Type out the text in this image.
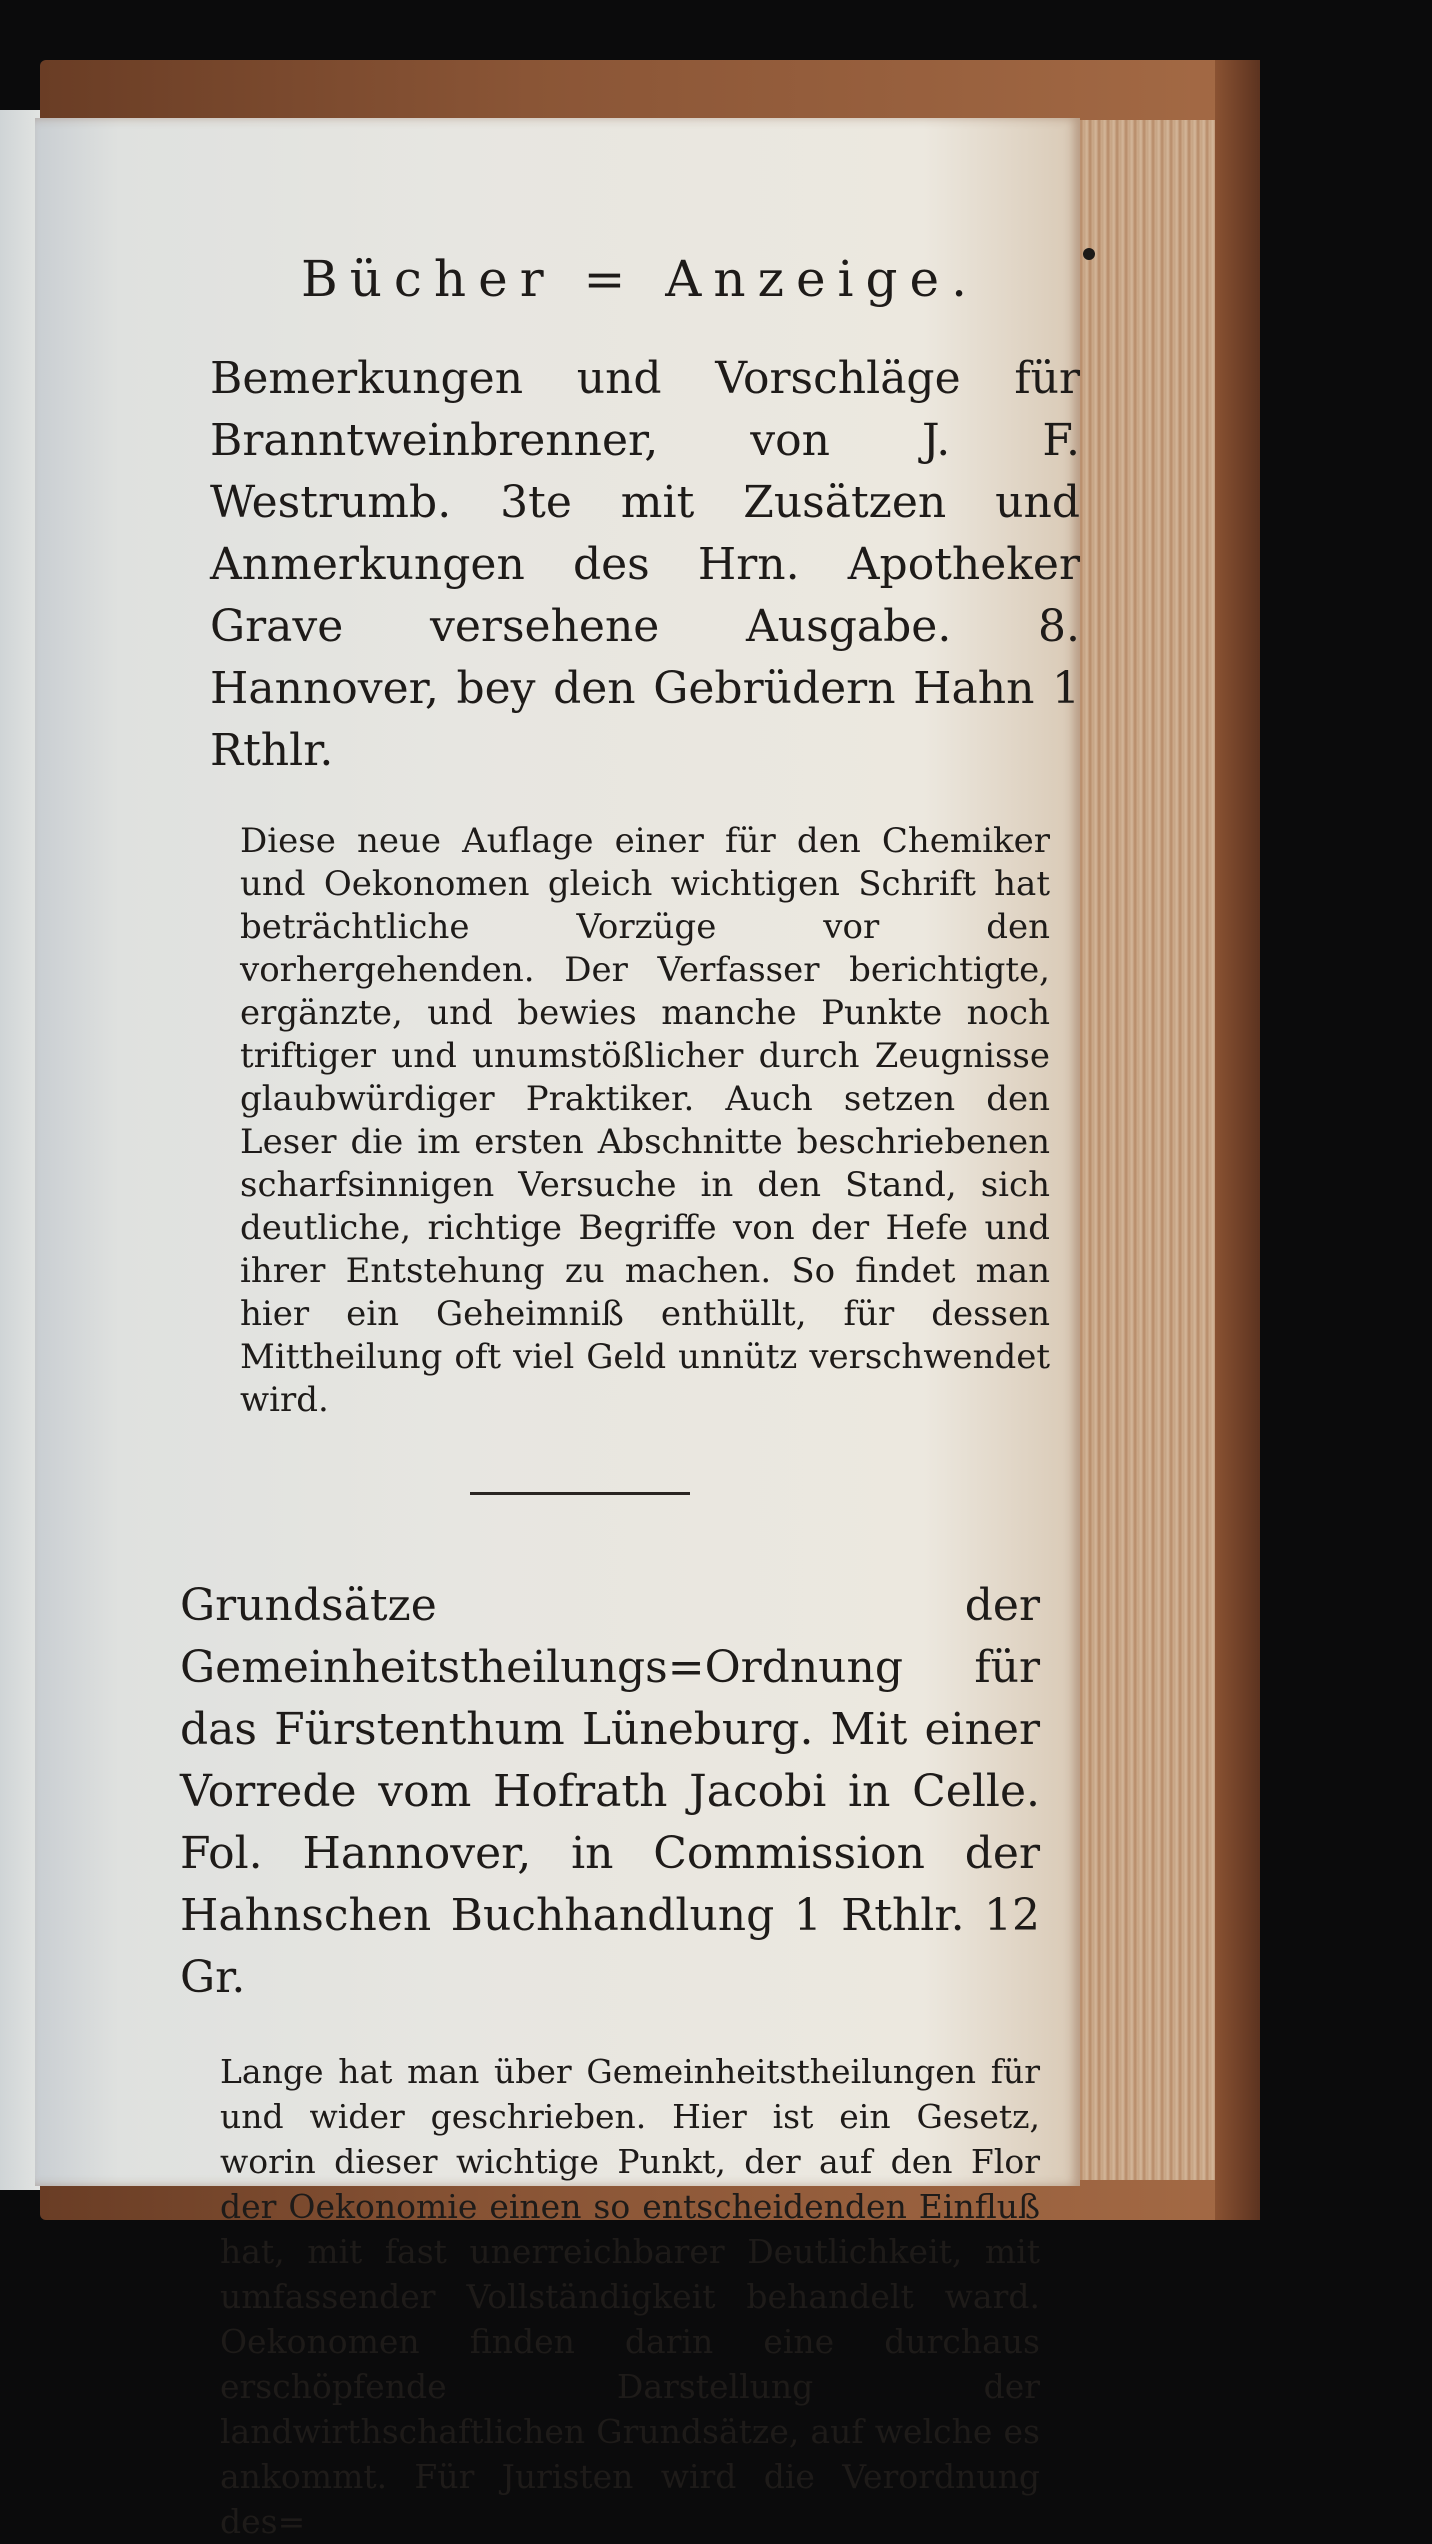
Bücher = Anzeige.
Bemerkungen und Vorschläge für Branntweinbrenner, von J. F. Westrumb. 3te mit Zusätzen und Anmerkungen des Hrn. Apotheker Grave versehene Ausgabe. 8. Hannover, bey den Gebrüdern Hahn 1 Rthlr.
Diese neue Auflage einer für den Chemiker und Oekonomen gleich wichtigen Schrift hat beträchtliche Vorzüge vor den vorhergehenden. Der Verfasser berichtigte, ergänzte, und bewies manche Punkte noch triftiger und unumstößlicher durch Zeugnisse glaubwürdiger Praktiker. Auch setzen den Leser die im ersten Abschnitte beschriebenen scharfsinnigen Versuche in den Stand, sich deutliche, richtige Begriffe von der Hefe und ihrer Entstehung zu machen. So findet man hier ein Geheimniß enthüllt, für dessen Mittheilung oft viel Geld unnütz verschwendet wird.
Grundsätze der Gemeinheitstheilungs=Ordnung für das Fürstenthum Lüneburg. Mit einer Vorrede vom Hofrath Jacobi in Celle. Fol. Hannover, in Commission der Hahnschen Buchhandlung 1 Rthlr. 12 Gr.
Lange hat man über Gemeinheitstheilungen für und wider geschrieben. Hier ist ein Gesetz, worin dieser wichtige Punkt, der auf den Flor der Oekonomie einen so entscheidenden Einfluß hat, mit fast unerreichbarer Deutlichkeit, mit umfassender Vollständigkeit behandelt ward. Oekonomen finden darin eine durchaus erschöpfende Darstellung der landwirthschaftlichen Grundsätze, auf welche es ankommt. Für Juristen wird die Verordnung des=
